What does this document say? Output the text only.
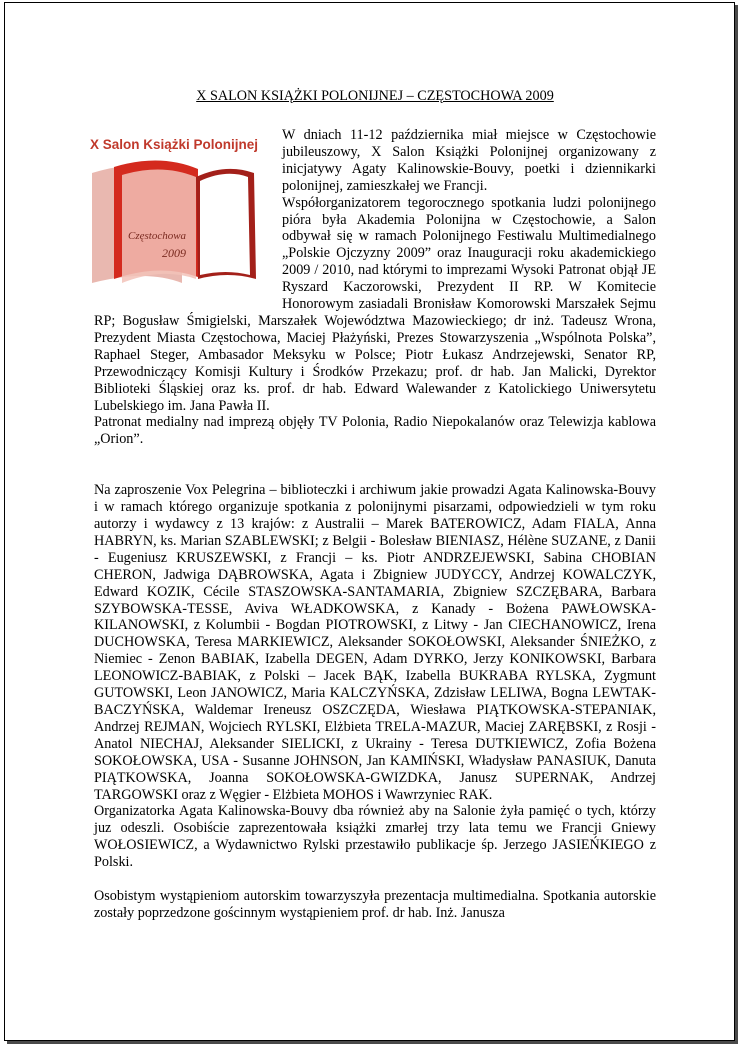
X SALON KSIĄŻKI POLONIJNEJ – CZĘSTOCHOWA 2009

X Salon Książki Polonijnej
Częstochowa
2009

W dniach 11-12 października miał miejsce w Częstochowie jubileuszowy, X Salon Książki Polonijnej organizowany z inicjatywy Agaty Kalinowskie-Bouvy, poetki i dziennikarki polonijnej, zamieszkałej we Francji.

Współorganizatorem tegorocznego spotkania ludzi polonijnego pióra była Akademia Polonijna w Częstochowie, a Salon odbywał się w ramach Polonijnego Festiwalu Multimedialnego „Polskie Ojczyzny 2009” oraz Inauguracji roku akademickiego 2009 / 2010, nad którymi to imprezami Wysoki Patronat objął JE Ryszard Kaczorowski, Prezydent II RP. W Komitecie Honorowym zasiadali Bronisław Komorowski Marszałek Sejmu RP; Bogusław Śmigielski, Marszałek Województwa Mazowieckiego; dr inż. Tadeusz Wrona, Prezydent Miasta Częstochowa, Maciej Płażyński, Prezes Stowarzyszenia „Wspólnota Polska”, Raphael Steger, Ambasador Meksyku w Polsce; Piotr Łukasz Andrzejewski, Senator RP, Przewodniczący Komisji Kultury i Środków Przekazu; prof. dr hab. Jan Malicki, Dyrektor Biblioteki Śląskiej oraz ks. prof. dr hab. Edward Walewander z Katolickiego Uniwersytetu Lubelskiego im. Jana Pawła II.

Patronat medialny nad imprezą objęły TV Polonia, Radio Niepokalanów oraz Telewizja kablowa „Orion”.

Na zaproszenie Vox Pelegrina – biblioteczki i archiwum jakie prowadzi Agata Kalinowska-Bouvy i w ramach którego organizuje spotkania z polonijnymi pisarzami, odpowiedzieli w tym roku autorzy i wydawcy z 13 krajów: z Australii – Marek BATEROWICZ, Adam FIALA, Anna HABRYN, ks. Marian SZABLEWSKI; z Belgii - Bolesław BIENIASZ, Hélène SUZANE, z Danii - Eugeniusz KRUSZEWSKI, z Francji – ks. Piotr ANDRZEJEWSKI, Sabina CHOBIAN CHERON, Jadwiga DĄBROWSKA, Agata i Zbigniew JUDYCCY, Andrzej KOWALCZYK, Edward KOZIK, Cécile STASZOWSKA-SANTAMARIA, Zbigniew SZCZĘBARA, Barbara SZYBOWSKA-TESSE, Aviva WŁADKOWSKA, z Kanady - Bożena PAWŁOWSKA-KILANOWSKI, z Kolumbii - Bogdan PIOTROWSKI, z Litwy - Jan CIECHANOWICZ, Irena DUCHOWSKA, Teresa MARKIEWICZ, Aleksander SOKOŁOWSKI, Aleksander ŚNIEŻKO, z Niemiec - Zenon BABIAK, Izabella DEGEN, Adam DYRKO, Jerzy KONIKOWSKI, Barbara LEONOWICZ-BABIAK, z Polski – Jacek BĄK, Izabella BUKRABA RYLSKA, Zygmunt GUTOWSKI, Leon JANOWICZ, Maria KALCZYŃSKA, Zdzisław LELIWA, Bogna LEWTAK-BACZYŃSKA, Waldemar Ireneusz OSZCZĘDA, Wiesława PIĄTKOWSKA-STEPANIAK, Andrzej REJMAN, Wojciech RYLSKI, Elżbieta TRELA-MAZUR, Maciej ZARĘBSKI, z Rosji - Anatol NIECHAJ, Aleksander SIELICKI, z Ukrainy - Teresa DUTKIEWICZ, Zofia Bożena SOKOŁOWSKA, USA - Susanne JOHNSON, Jan KAMIŃSKI, Władysław PANASIUK, Danuta PIĄTKOWSKA, Joanna SOKOŁOWSKA-GWIZDKA, Janusz SUPERNAK, Andrzej TARGOWSKI oraz z Węgier - Elżbieta MOHOS i Wawrzyniec RAK.

Organizatorka Agata Kalinowska-Bouvy dba również aby na Salonie żyła pamięć o tych, którzy juz odeszli. Osobiście zaprezentowała książki zmarłej trzy lata temu we Francji Gniewy WOŁOSIEWICZ, a Wydawnictwo Rylski przestawiło publikacje śp. Jerzego JASIEŃKIEGO z Polski.

Osobistym wystąpieniom autorskim towarzyszyła prezentacja multimedialna. Spotkania autorskie zostały poprzedzone gościnnym wystąpieniem prof. dr hab. Inż. Janusza
